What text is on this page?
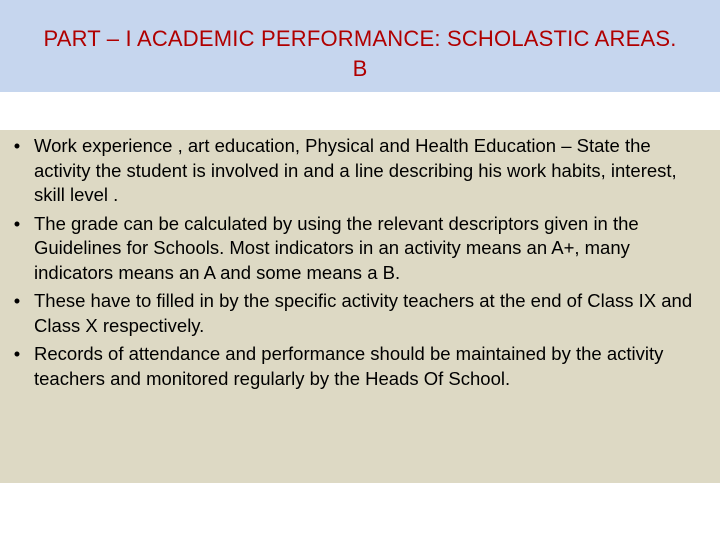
PART – I ACADEMIC PERFORMANCE: SCHOLASTIC AREAS.
B
• Work experience , art education, Physical and Health Education – State the activity the student is involved in and a line describing his work habits, interest, skill level .
• The grade can be calculated by using the relevant descriptors given in the Guidelines for Schools. Most indicators in an activity means an A+, many indicators means an A and some means a B.
• These have to filled in by the specific activity teachers at the end of Class IX and Class X respectively.
• Records of attendance and performance should be maintained by the activity teachers and monitored regularly by the Heads Of School.
